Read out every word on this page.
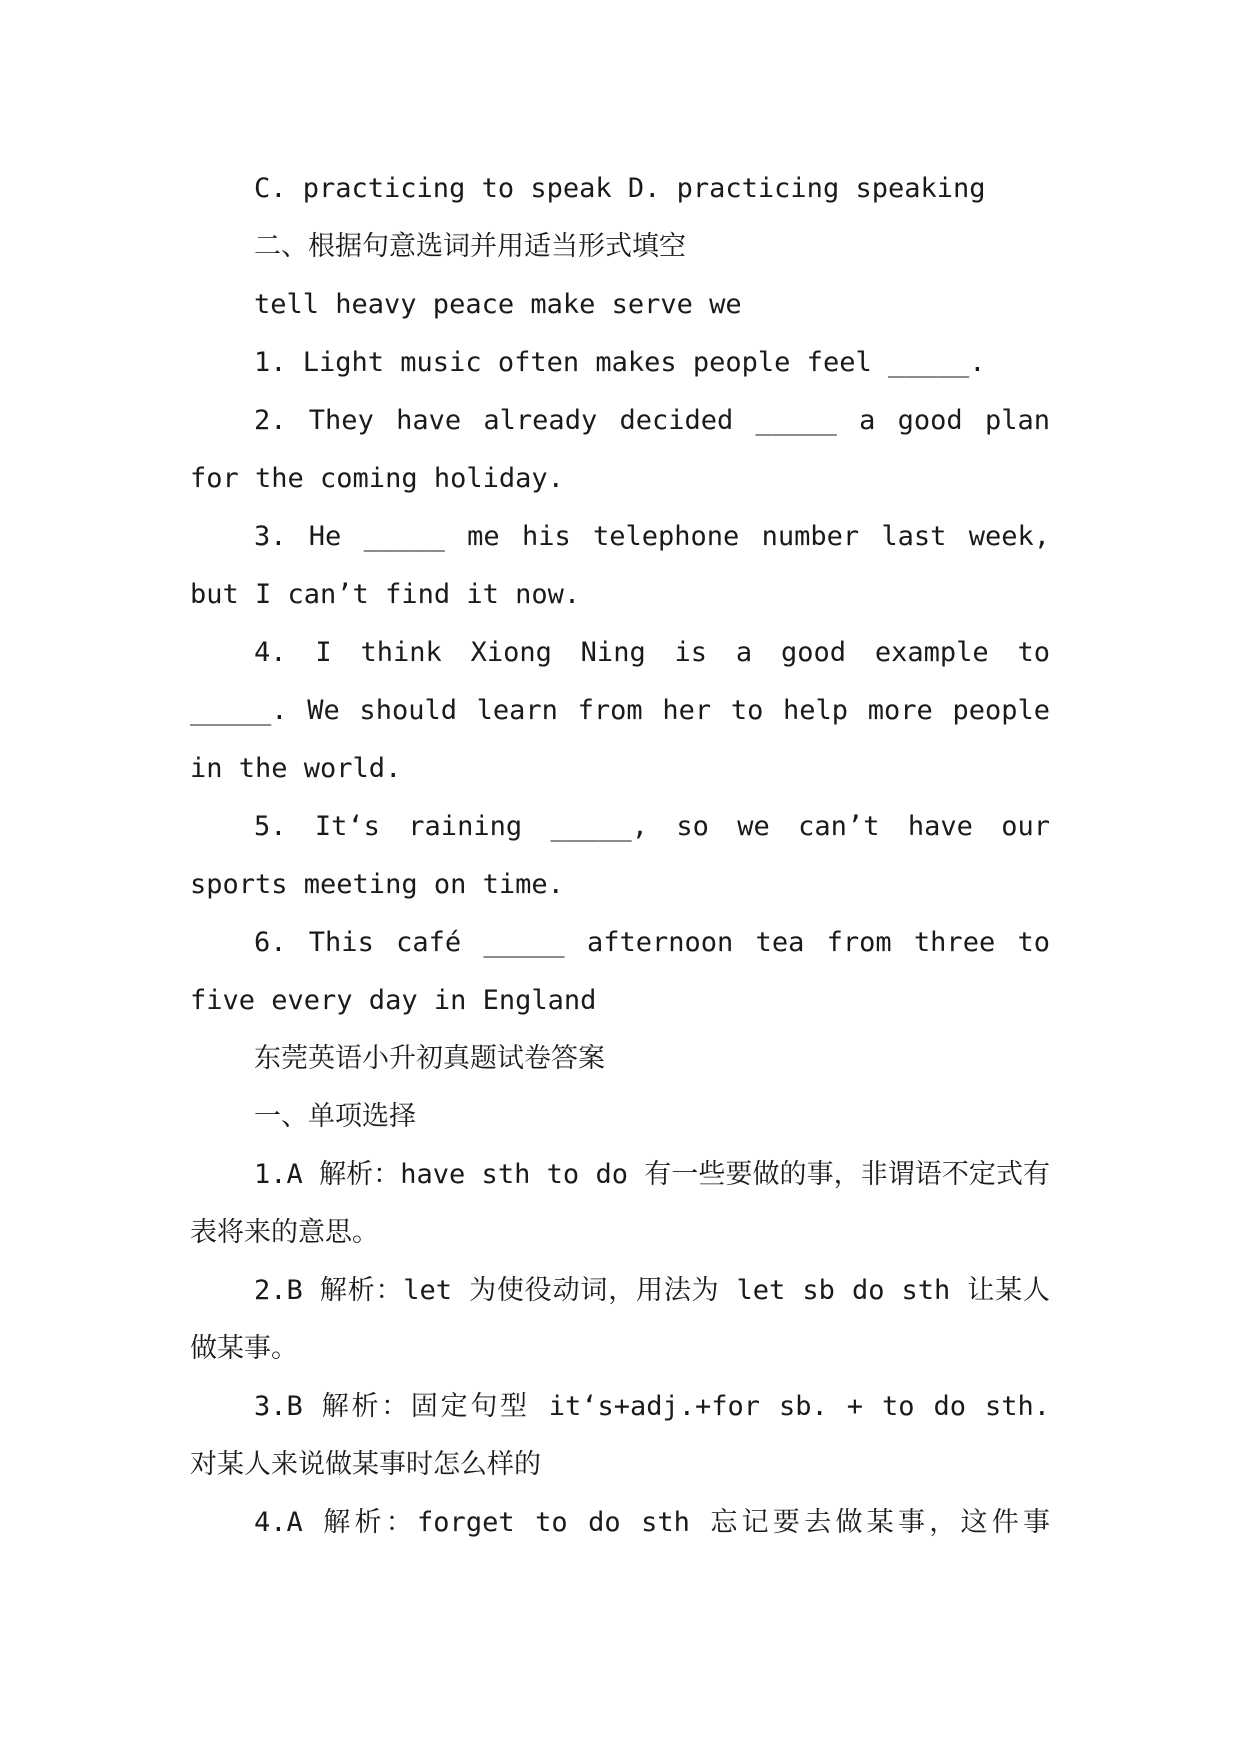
C. practicing to speak D. practicing speaking

二、根据句意选词并用适当形式填空

tell heavy peace make serve we

1. Light music often makes people feel _____.

2. They have already decided _____ a good plan for the coming holiday.

3. He _____ me his telephone number last week, but I can’t find it now.

4. I think Xiong Ning is a good example to _____. We should learn from her to help more people in the world.

5. It‘s raining _____, so we can’t have our sports meeting on time.

6. This café _____ afternoon tea from three to five every day in England

东莞英语小升初真题试卷答案

一、单项选择

1.A 解析：have sth to do 有一些要做的事，非谓语不定式有表将来的意思。

2.B 解析：let 为使役动词，用法为 let sb do sth 让某人做某事。

3.B 解析：固定句型 it‘s+adj.+for sb. + to do sth. 对某人来说做某事时怎么样的

4.A 解析：forget to do sth 忘记要去做某事，这件事
